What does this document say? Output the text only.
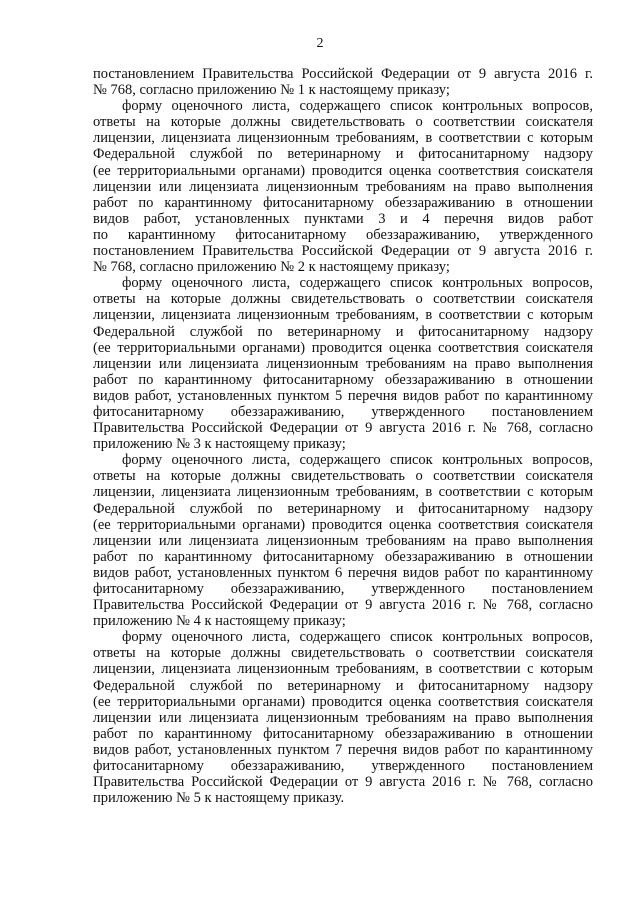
2
постановлением Правительства Российской Федерации от 9 августа 2016 г.
№ 768, согласно приложению № 1 к настоящему приказу;
форму оценочного листа, содержащего список контрольных вопросов,
ответы на которые должны свидетельствовать о соответствии соискателя
лицензии, лицензиата лицензионным требованиям, в соответствии с которым
Федеральной службой по ветеринарному и фитосанитарному надзору
(ее территориальными органами) проводится оценка соответствия соискателя
лицензии или лицензиата лицензионным требованиям на право выполнения
работ по карантинному фитосанитарному обеззараживанию в отношении
видов работ, установленных пунктами 3 и 4 перечня видов работ
по карантинному фитосанитарному обеззараживанию, утвержденного
постановлением Правительства Российской Федерации от 9 августа 2016 г.
№ 768, согласно приложению № 2 к настоящему приказу;
форму оценочного листа, содержащего список контрольных вопросов,
ответы на которые должны свидетельствовать о соответствии соискателя
лицензии, лицензиата лицензионным требованиям, в соответствии с которым
Федеральной службой по ветеринарному и фитосанитарному надзору
(ее территориальными органами) проводится оценка соответствия соискателя
лицензии или лицензиата лицензионным требованиям на право выполнения
работ по карантинному фитосанитарному обеззараживанию в отношении
видов работ, установленных пунктом 5 перечня видов работ по карантинному
фитосанитарному обеззараживанию, утвержденного постановлением
Правительства Российской Федерации от 9 августа 2016 г. № 768, согласно
приложению № 3 к настоящему приказу;
форму оценочного листа, содержащего список контрольных вопросов,
ответы на которые должны свидетельствовать о соответствии соискателя
лицензии, лицензиата лицензионным требованиям, в соответствии с которым
Федеральной службой по ветеринарному и фитосанитарному надзору
(ее территориальными органами) проводится оценка соответствия соискателя
лицензии или лицензиата лицензионным требованиям на право выполнения
работ по карантинному фитосанитарному обеззараживанию в отношении
видов работ, установленных пунктом 6 перечня видов работ по карантинному
фитосанитарному обеззараживанию, утвержденного постановлением
Правительства Российской Федерации от 9 августа 2016 г. № 768, согласно
приложению № 4 к настоящему приказу;
форму оценочного листа, содержащего список контрольных вопросов,
ответы на которые должны свидетельствовать о соответствии соискателя
лицензии, лицензиата лицензионным требованиям, в соответствии с которым
Федеральной службой по ветеринарному и фитосанитарному надзору
(ее территориальными органами) проводится оценка соответствия соискателя
лицензии или лицензиата лицензионным требованиям на право выполнения
работ по карантинному фитосанитарному обеззараживанию в отношении
видов работ, установленных пунктом 7 перечня видов работ по карантинному
фитосанитарному обеззараживанию, утвержденного постановлением
Правительства Российской Федерации от 9 августа 2016 г. № 768, согласно
приложению № 5 к настоящему приказу.
